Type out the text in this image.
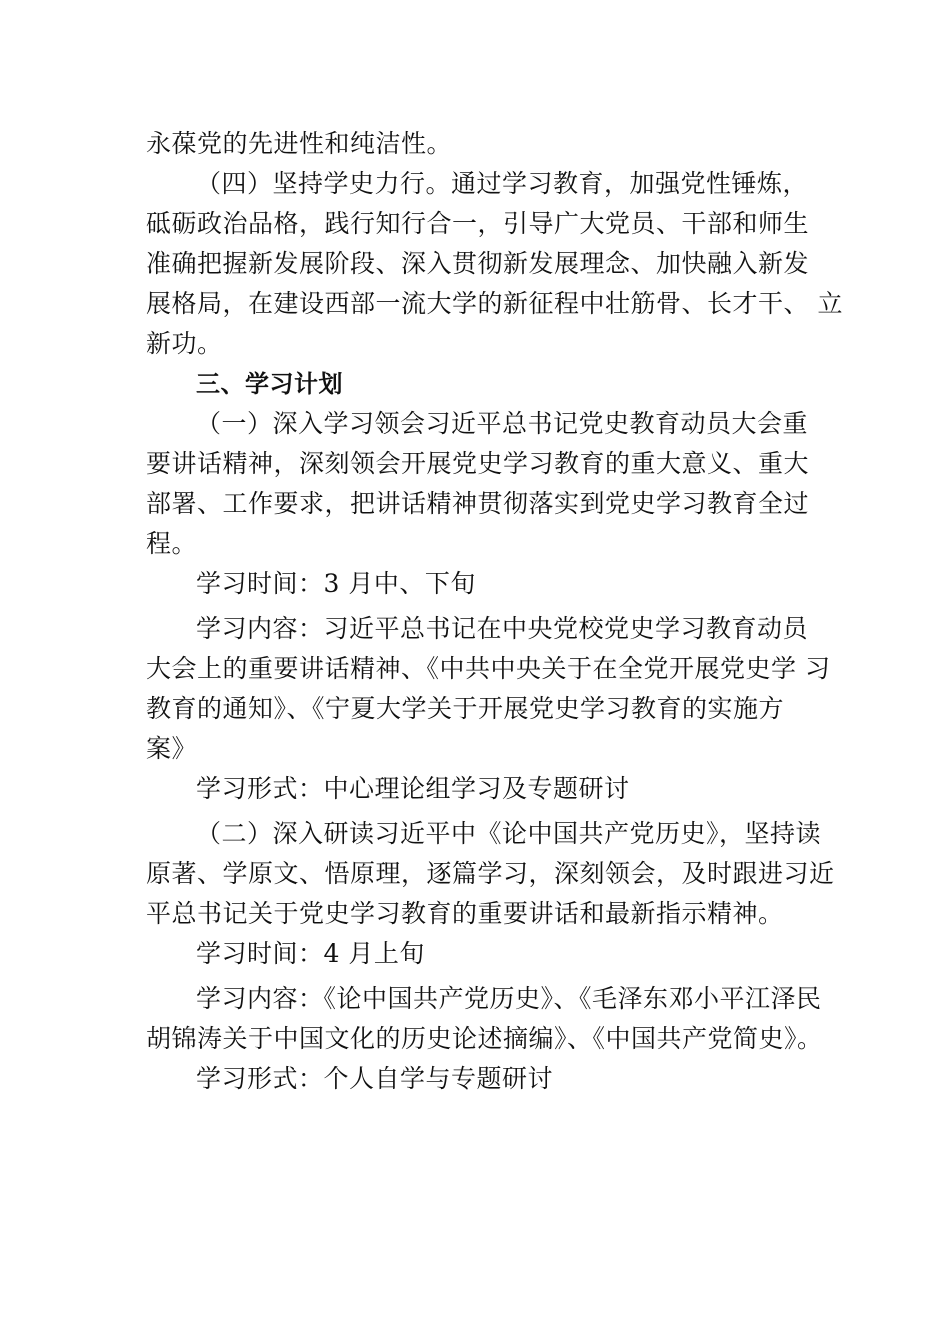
永葆党的先进性和纯洁性。
（四）坚持学史力行。通过学习教育，加强党性锤炼，
砥砺政治品格，践行知行合一，引导广大党员、干部和师生
准确把握新发展阶段、深入贯彻新发展理念、加快融入新发
展格局，在建设西部一流大学的新征程中壮筋骨、长才干、 立
新功。
三、学习计划
（一）深入学习领会习近平总书记党史教育动员大会重
要讲话精神，深刻领会开展党史学习教育的重大意义、重大
部署、工作要求，把讲话精神贯彻落实到党史学习教育全过
程。
学习时间：3 月中、下旬
学习内容：习近平总书记在中央党校党史学习教育动员
大会上的重要讲话精神、《中共中央关于在全党开展党史学 习
教育的通知》、《宁夏大学关于开展党史学习教育的实施方
案》
学习形式：中心理论组学习及专题研讨
（二）深入研读习近平中《论中国共产党历史》，坚持读
原著、学原文、悟原理，逐篇学习，深刻领会，及时跟进习近
平总书记关于党史学习教育的重要讲话和最新指示精神。
学习时间：4 月上旬
学习内容：《论中国共产党历史》、《毛泽东邓小平江泽民
胡锦涛关于中国文化的历史论述摘编》、《中国共产党简史》。
学习形式：个人自学与专题研讨
